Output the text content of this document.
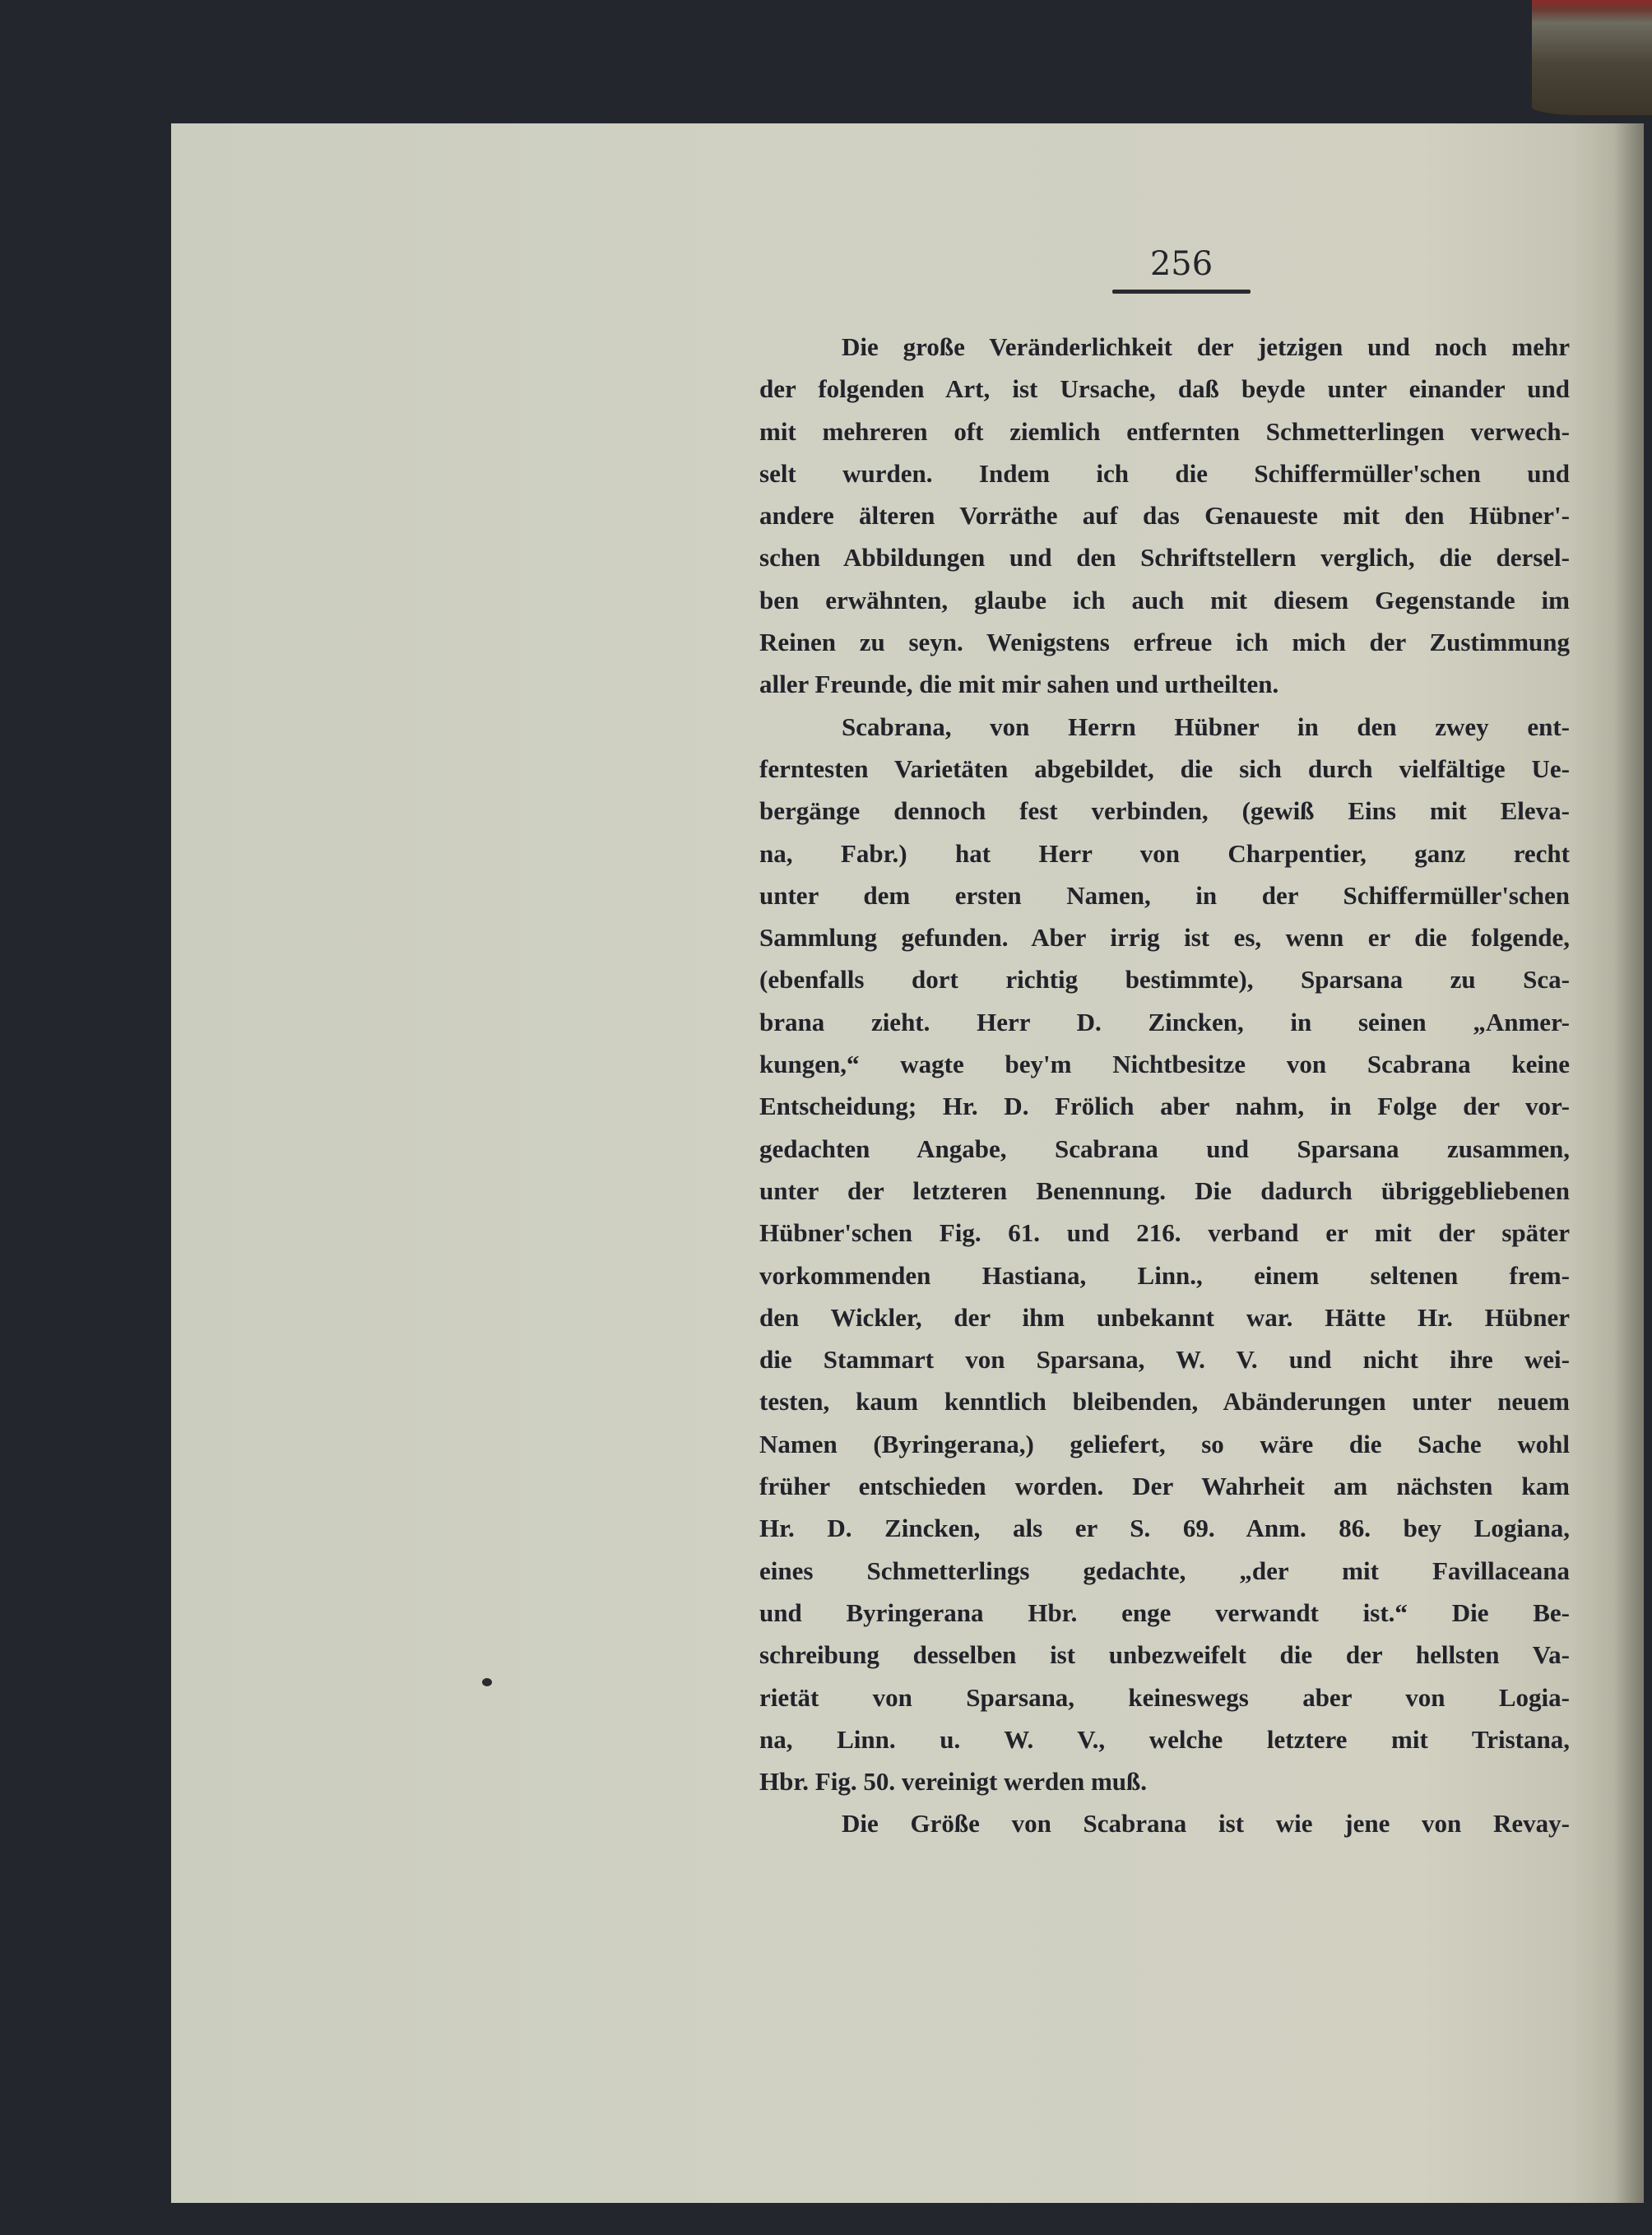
256
Die große Veränderlichkeit der jetzigen und noch mehr
der folgenden Art, ist Ursache, daß beyde unter einander und
mit mehreren oft ziemlich entfernten Schmetterlingen verwech-
selt wurden. Indem ich die Schiffermüller'schen und
andere älteren Vorräthe auf das Genaueste mit den Hübner'-
schen Abbildungen und den Schriftstellern verglich, die dersel-
ben erwähnten, glaube ich auch mit diesem Gegenstande im
Reinen zu seyn. Wenigstens erfreue ich mich der Zustimmung
aller Freunde, die mit mir sahen und urtheilten.
Scabrana, von Herrn Hübner in den zwey ent-
ferntesten Varietäten abgebildet, die sich durch vielfältige Ue-
bergänge dennoch fest verbinden, (gewiß Eins mit Eleva-
na, Fabr.) hat Herr von Charpentier, ganz recht
unter dem ersten Namen, in der Schiffermüller'schen
Sammlung gefunden. Aber irrig ist es, wenn er die folgende,
(ebenfalls dort richtig bestimmte), Sparsana zu Sca-
brana zieht. Herr D. Zincken, in seinen „Anmer-
kungen,“ wagte bey'm Nichtbesitze von Scabrana keine
Entscheidung; Hr. D. Frölich aber nahm, in Folge der vor-
gedachten Angabe, Scabrana und Sparsana zusammen,
unter der letzteren Benennung. Die dadurch übriggebliebenen
Hübner'schen Fig. 61. und 216. verband er mit der später
vorkommenden Hastiana, Linn., einem seltenen frem-
den Wickler, der ihm unbekannt war. Hätte Hr. Hübner
die Stammart von Sparsana, W. V. und nicht ihre wei-
testen, kaum kenntlich bleibenden, Abänderungen unter neuem
Namen (Byringerana,) geliefert, so wäre die Sache wohl
früher entschieden worden. Der Wahrheit am nächsten kam
Hr. D. Zincken, als er S. 69. Anm. 86. bey Logiana,
eines Schmetterlings gedachte, „der mit Favillaceana
und Byringerana Hbr. enge verwandt ist.“ Die Be-
schreibung desselben ist unbezweifelt die der hellsten Va-
rietät von Sparsana, keineswegs aber von Logia-
na, Linn. u. W. V., welche letztere mit Tristana,
Hbr. Fig. 50. vereinigt werden muß.
Die Größe von Scabrana ist wie jene von Revay-
